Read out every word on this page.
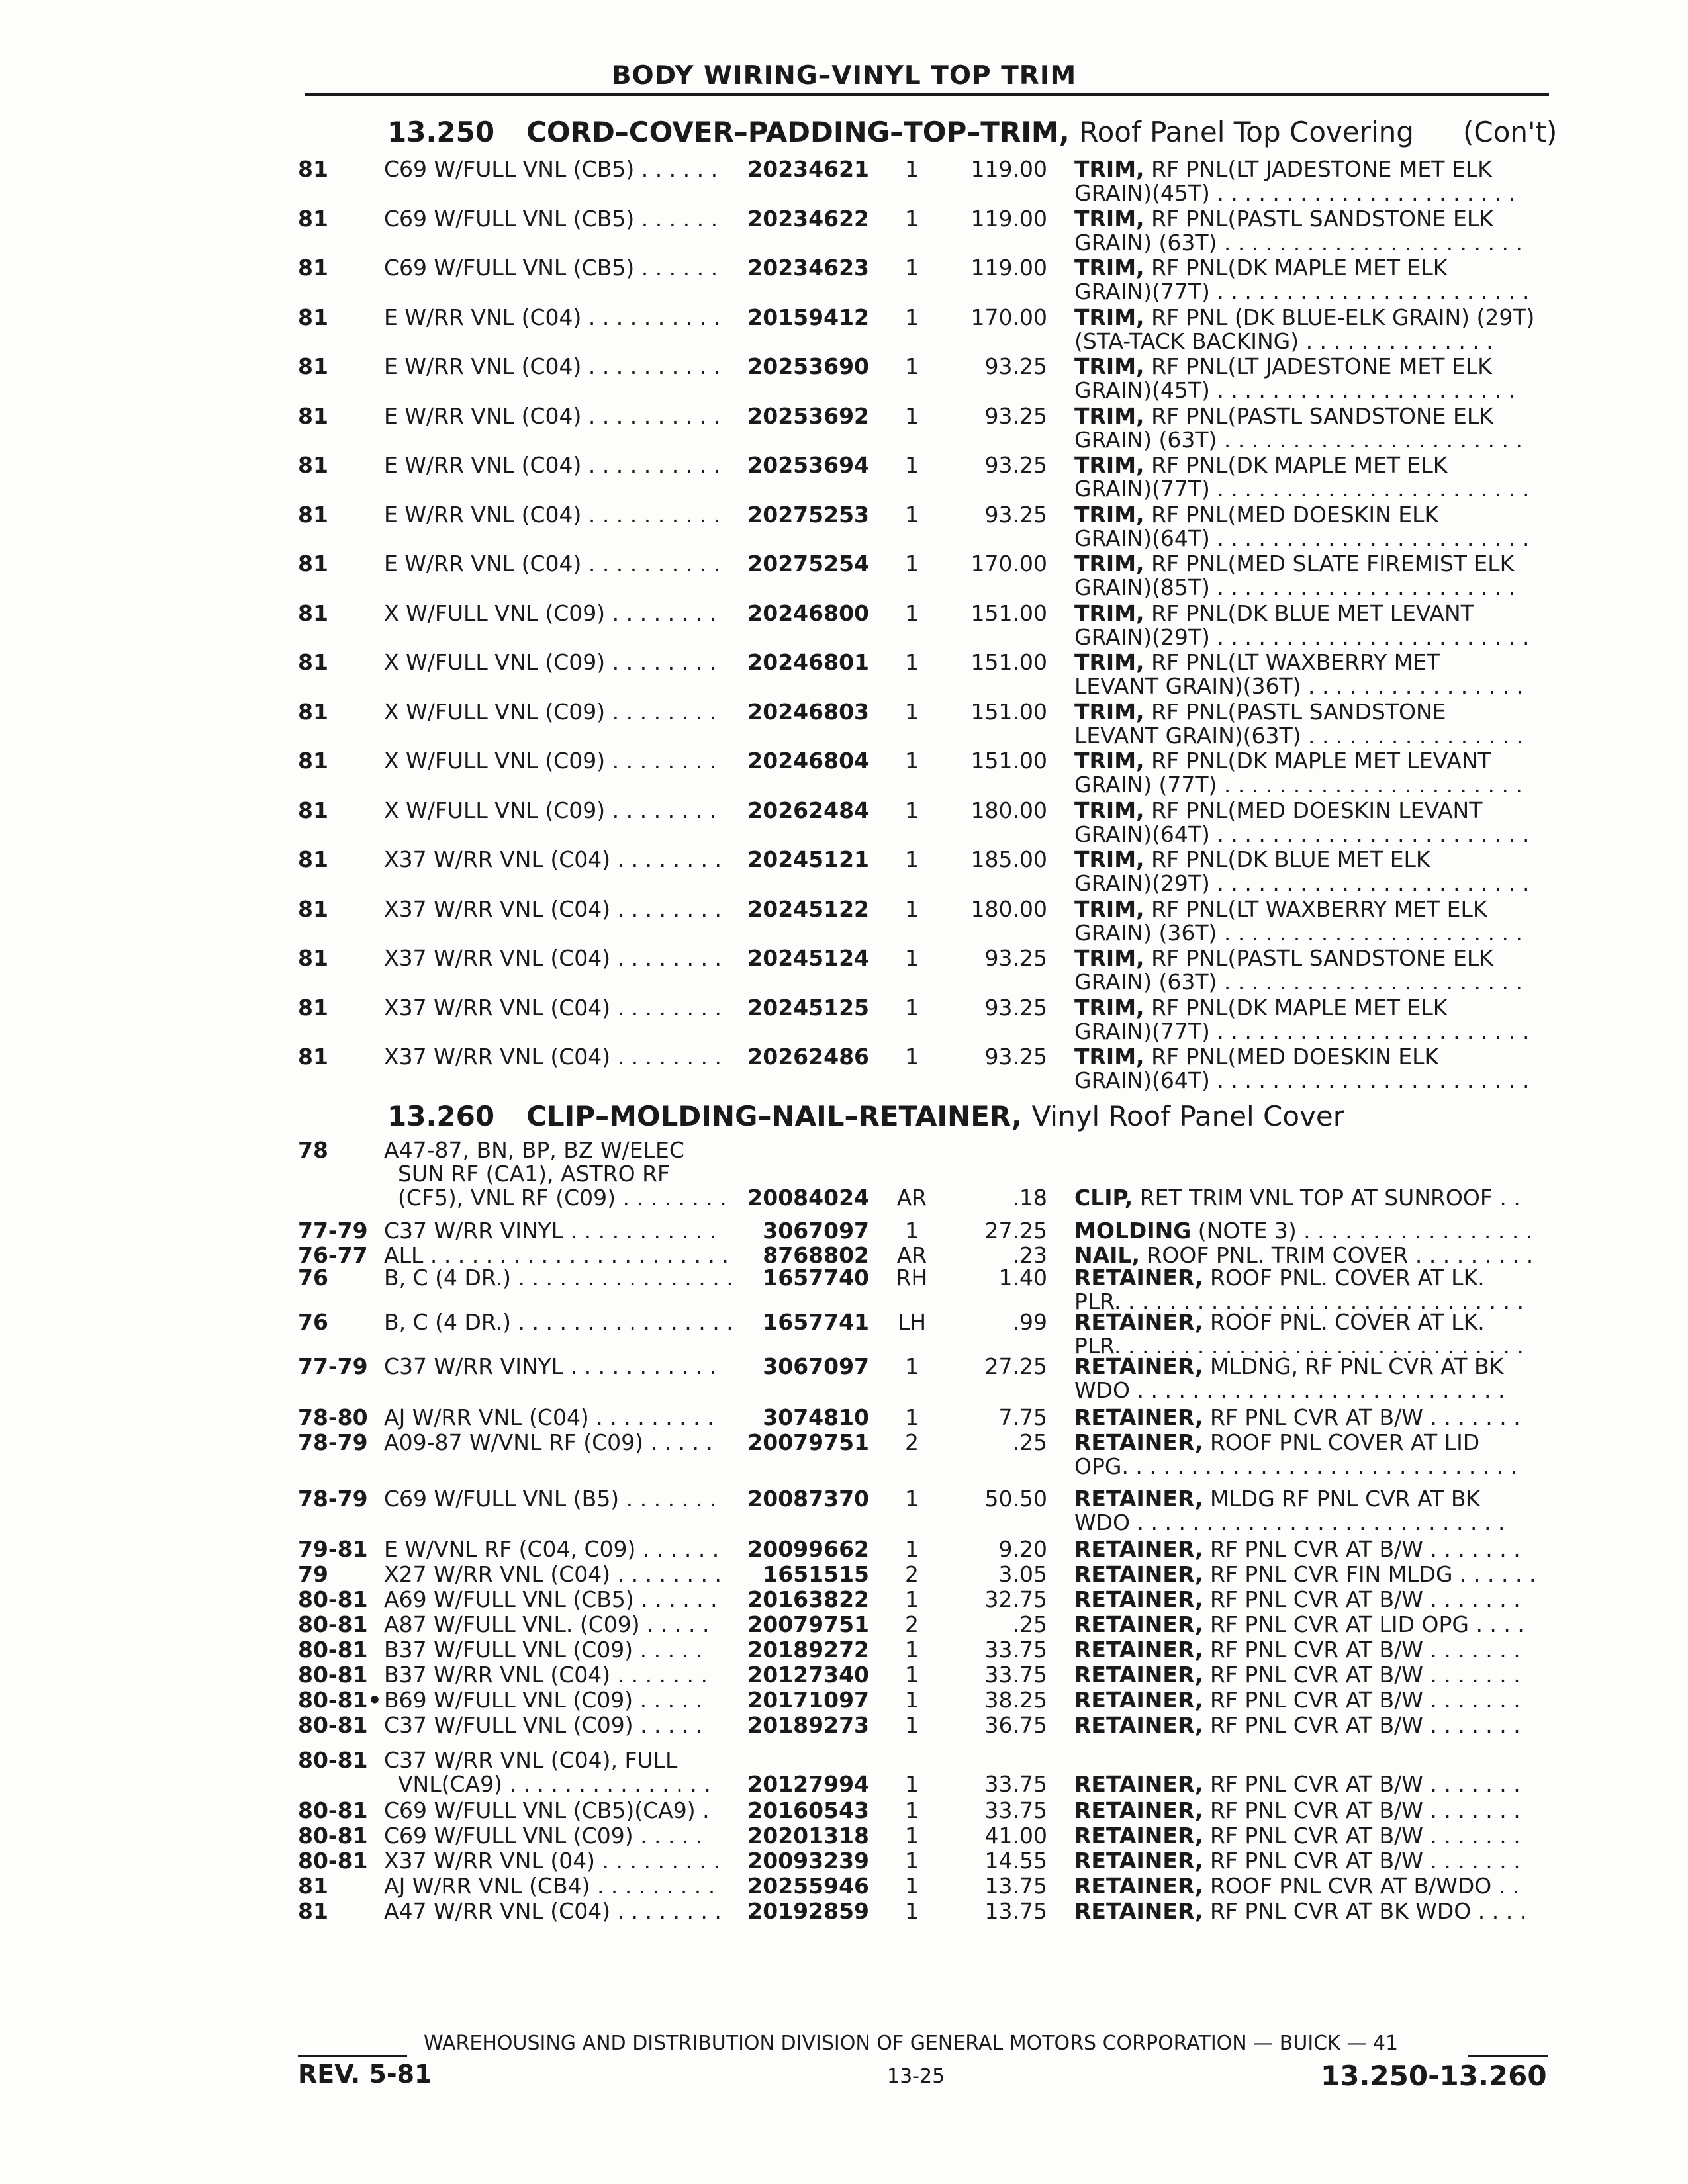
BODY WIRING–VINYL TOP TRIM
13.250 CORD–COVER–PADDING–TOP–TRIM, Roof Panel Top Covering (Con't)
81	C69 W/FULL VNL (CB5) . . . . . .	20234621	1	119.00 TRIM, RF PNL(LT JADESTONE MET ELK
GRAIN)(45T) . . . . . . . . . . . . . . . . . . . . . .
81	C69 W/FULL VNL (CB5) . . . . . .	20234622	1	119.00 TRIM, RF PNL(PASTL SANDSTONE ELK
GRAIN) (63T) . . . . . . . . . . . . . . . . . . . . . .
81	C69 W/FULL VNL (CB5) . . . . . .	20234623	1	119.00 TRIM, RF PNL(DK MAPLE MET ELK
GRAIN)(77T) . . . . . . . . . . . . . . . . . . . . . . .
81	E W/RR VNL (C04) . . . . . . . . . .	20159412	1	170.00 TRIM, RF PNL (DK BLUE-ELK GRAIN) (29T)
(STA-TACK BACKING) . . . . . . . . . . . . . .
81	E W/RR VNL (C04) . . . . . . . . . .	20253690	1	93.25 TRIM, RF PNL(LT JADESTONE MET ELK
GRAIN)(45T) . . . . . . . . . . . . . . . . . . . . . .
81	E W/RR VNL (C04) . . . . . . . . . .	20253692	1	93.25 TRIM, RF PNL(PASTL SANDSTONE ELK
GRAIN) (63T) . . . . . . . . . . . . . . . . . . . . . .
81	E W/RR VNL (C04) . . . . . . . . . .	20253694	1	93.25 TRIM, RF PNL(DK MAPLE MET ELK
GRAIN)(77T) . . . . . . . . . . . . . . . . . . . . . . .
81	E W/RR VNL (C04) . . . . . . . . . .	20275253	1	93.25 TRIM, RF PNL(MED DOESKIN ELK
GRAIN)(64T) . . . . . . . . . . . . . . . . . . . . . . .
81	E W/RR VNL (C04) . . . . . . . . . .	20275254	1	170.00 TRIM, RF PNL(MED SLATE FIREMIST ELK
GRAIN)(85T) . . . . . . . . . . . . . . . . . . . . . .
81	X W/FULL VNL (C09) . . . . . . . .	20246800	1	151.00 TRIM, RF PNL(DK BLUE MET LEVANT
GRAIN)(29T) . . . . . . . . . . . . . . . . . . . . . . .
81	X W/FULL VNL (C09) . . . . . . . .	20246801	1	151.00 TRIM, RF PNL(LT WAXBERRY MET
LEVANT GRAIN)(36T) . . . . . . . . . . . . . . . .
81	X W/FULL VNL (C09) . . . . . . . .	20246803	1	151.00 TRIM, RF PNL(PASTL SANDSTONE
LEVANT GRAIN)(63T) . . . . . . . . . . . . . . . .
81	X W/FULL VNL (C09) . . . . . . . .	20246804	1	151.00 TRIM, RF PNL(DK MAPLE MET LEVANT
GRAIN) (77T) . . . . . . . . . . . . . . . . . . . . . .
81	X W/FULL VNL (C09) . . . . . . . .	20262484	1	180.00 TRIM, RF PNL(MED DOESKIN LEVANT
GRAIN)(64T) . . . . . . . . . . . . . . . . . . . . . . .
81	X37 W/RR VNL (C04) . . . . . . . .	20245121	1	185.00 TRIM, RF PNL(DK BLUE MET ELK
GRAIN)(29T) . . . . . . . . . . . . . . . . . . . . . . .
81	X37 W/RR VNL (C04) . . . . . . . .	20245122	1	180.00 TRIM, RF PNL(LT WAXBERRY MET ELK
GRAIN) (36T) . . . . . . . . . . . . . . . . . . . . . .
81	X37 W/RR VNL (C04) . . . . . . . .	20245124	1	93.25 TRIM, RF PNL(PASTL SANDSTONE ELK
GRAIN) (63T) . . . . . . . . . . . . . . . . . . . . . .
81	X37 W/RR VNL (C04) . . . . . . . .	20245125	1	93.25 TRIM, RF PNL(DK MAPLE MET ELK
GRAIN)(77T) . . . . . . . . . . . . . . . . . . . . . . .
81	X37 W/RR VNL (C04) . . . . . . . .	20262486	1	93.25 TRIM, RF PNL(MED DOESKIN ELK
GRAIN)(64T) . . . . . . . . . . . . . . . . . . . . . . .
13.260 CLIP–MOLDING–NAIL–RETAINER, Vinyl Roof Panel Cover
78	A47-87, BN, BP, BZ W/ELEC
SUN RF (CA1), ASTRO RF
(CF5), VNL RF (C09) . . . . . . . . 20084024	AR	.18 CLIP, RET TRIM VNL TOP AT SUNROOF . .
77-79 C37 W/RR VINYL . . . . . . . . . . .	3067097	1	27.25 MOLDING (NOTE 3) . . . . . . . . . . . . . . . . .
76-77 ALL . . . . . . . . . . . . . . . . . . . . . .	8768802	AR	.23 NAIL, ROOF PNL. TRIM COVER . . . . . . . . .
76	B, C (4 DR.) . . . . . . . . . . . . . . . .	1657740	RH	1.40 RETAINER, ROOF PNL. COVER AT LK.
PLR. . . . . . . . . . . . . . . . . . . . . . . . . . . . . .
76	B, C (4 DR.) . . . . . . . . . . . . . . . .	1657741	LH	.99 RETAINER, ROOF PNL. COVER AT LK.
PLR. . . . . . . . . . . . . . . . . . . . . . . . . . . . . .
77-79 C37 W/RR VINYL . . . . . . . . . . .	3067097	1	27.25 RETAINER, MLDNG, RF PNL CVR AT BK
WDO . . . . . . . . . . . . . . . . . . . . . . . . . . .
78-80 AJ W/RR VNL (C04) . . . . . . . . .	3074810	1	7.75 RETAINER, RF PNL CVR AT B/W . . . . . . .
78-79 A09-87 W/VNL RF (C09) . . . . .	20079751	2	.25 RETAINER, ROOF PNL COVER AT LID
OPG. . . . . . . . . . . . . . . . . . . . . . . . . . . . .
78-79 C69 W/FULL VNL (B5) . . . . . . .	20087370	1	50.50 RETAINER, MLDG RF PNL CVR AT BK
WDO . . . . . . . . . . . . . . . . . . . . . . . . . . .
79-81 E W/VNL RF (C04, C09) . . . . . .	20099662	1	9.20 RETAINER, RF PNL CVR AT B/W . . . . . . .
79	X27 W/RR VNL (C04) . . . . . . . .	1651515	2	3.05 RETAINER, RF PNL CVR FIN MLDG . . . . . .
80-81 A69 W/FULL VNL (CB5) . . . . . .	20163822	1	32.75 RETAINER, RF PNL CVR AT B/W . . . . . . .
80-81 A87 W/FULL VNL. (C09) . . . . .	20079751	2	.25 RETAINER, RF PNL CVR AT LID OPG . . . .
80-81 B37 W/FULL VNL (C09) . . . . .	20189272	1	33.75 RETAINER, RF PNL CVR AT B/W . . . . . . .
80-81 B37 W/RR VNL (C04) . . . . . . .	20127340	1	33.75 RETAINER, RF PNL CVR AT B/W . . . . . . .
80-81• B69 W/FULL VNL (C09) . . . . .	20171097	1	38.25 RETAINER, RF PNL CVR AT B/W . . . . . . .
80-81 C37 W/FULL VNL (C09) . . . . .	20189273	1	36.75 RETAINER, RF PNL CVR AT B/W . . . . . . .
80-81 C37 W/RR VNL (C04), FULL
VNL(CA9) . . . . . . . . . . . . . . .	20127994	1	33.75 RETAINER, RF PNL CVR AT B/W . . . . . . .
80-81 C69 W/FULL VNL (CB5)(CA9) .	20160543	1	33.75 RETAINER, RF PNL CVR AT B/W . . . . . . .
80-81 C69 W/FULL VNL (C09) . . . . .	20201318	1	41.00 RETAINER, RF PNL CVR AT B/W . . . . . . .
80-81 X37 W/RR VNL (04) . . . . . . . . .	20093239	1	14.55 RETAINER, RF PNL CVR AT B/W . . . . . . .
81	AJ W/RR VNL (CB4) . . . . . . . . .	20255946	1	13.75 RETAINER, ROOF PNL CVR AT B/WDO . .
81	A47 W/RR VNL (C04) . . . . . . . .	20192859	1	13.75 RETAINER, RF PNL CVR AT BK WDO . . . .
WAREHOUSING AND DISTRIBUTION DIVISION OF GENERAL MOTORS CORPORATION — BUICK — 41
REV. 5-81	13-25	13.250-13.260
